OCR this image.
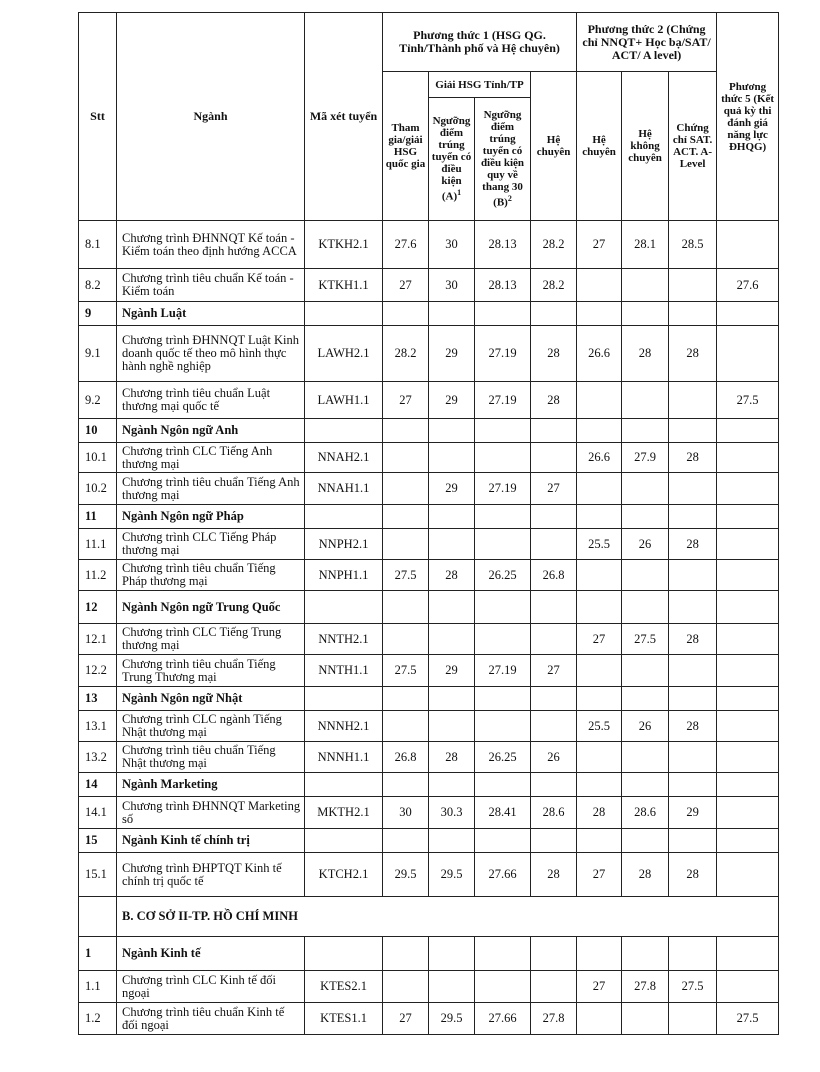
Stt	Ngành	Mã xét tuyển	Phương thức 1 (HSG QG. Tỉnh/Thành phố và Hệ chuyên)				Phương thức 2 (Chứng chỉ NNQT+ Học bạ/SAT/ ACT/ A level)			Phương thức 5 (Kết quả kỳ thi đánh giá năng lực ĐHQG)
			Tham gia/giải HSG quốc gia	Giải HSG Tỉnh/TP		Hệ chuyên	Hệ chuyên	Hệ không chuyên	Chứng chỉ SAT. ACT. A-Level	
				Ngưỡng điểm trúng tuyển có điều kiện $(A)^1$	Ngưỡng điểm trúng tuyển có điều kiện quy về thang 30 $(B)^2$
8.1	Chương trình ĐHNNQT Kế toán - Kiểm toán theo định hướng ACCA	KTKH2.1	27.6	30	28.13	28.2	27	28.1	28.5	
8.2	Chương trình tiêu chuẩn Kế toán - Kiểm toán	KTKH1.1	27	30	28.13	28.2				27.6
9	Ngành Luật									
9.1	Chương trình ĐHNNQT Luật Kinh doanh quốc tế theo mô hình thực hành nghề nghiệp	LAWH2.1	28.2	29	27.19	28	26.6	28	28	
9.2	Chương trình tiêu chuẩn Luật thương mại quốc tế	LAWH1.1	27	29	27.19	28				27.5
10	Ngành Ngôn ngữ Anh									
10.1	Chương trình CLC Tiếng Anh thương mại	NNAH2.1					26.6	27.9	28	
10.2	Chương trình tiêu chuẩn Tiếng Anh thương mại	NNAH1.1		29	27.19	27				
11	Ngành Ngôn ngữ Pháp									
11.1	Chương trình CLC Tiếng Pháp thương mại	NNPH2.1					25.5	26	28	
11.2	Chương trình tiêu chuẩn Tiếng Pháp thương mại	NNPH1.1	27.5	28	26.25	26.8				
12	Ngành Ngôn ngữ Trung Quốc									
12.1	Chương trình CLC Tiếng Trung thương mại	NNTH2.1					27	27.5	28	
12.2	Chương trình tiêu chuẩn Tiếng Trung Thương mại	NNTH1.1	27.5	29	27.19	27				
13	Ngành Ngôn ngữ Nhật									
13.1	Chương trình CLC ngành Tiếng Nhật thương mại	NNNH2.1					25.5	26	28	
13.2	Chương trình tiêu chuẩn Tiếng Nhật thương mại	NNNH1.1	26.8	28	26.25	26				
14	Ngành Marketing									
14.1	Chương trình ĐHNNQT Marketing số	MKTH2.1	30	30.3	28.41	28.6	28	28.6	29	
15	Ngành Kinh tế chính trị									
15.1	Chương trình ĐHPTQT Kinh tế chính trị quốc tế	KTCH2.1	29.5	29.5	27.66	28	27	28	28	
	B. CƠ SỞ II-TP. HỒ CHÍ MINH									
1	Ngành Kinh tế									
1.1	Chương trình CLC Kinh tế đối ngoại	KTES2.1					27	27.8	27.5	
1.2	Chương trình tiêu chuẩn Kinh tế đối ngoại	KTES1.1	27	29.5	27.66	27.8				27.5
